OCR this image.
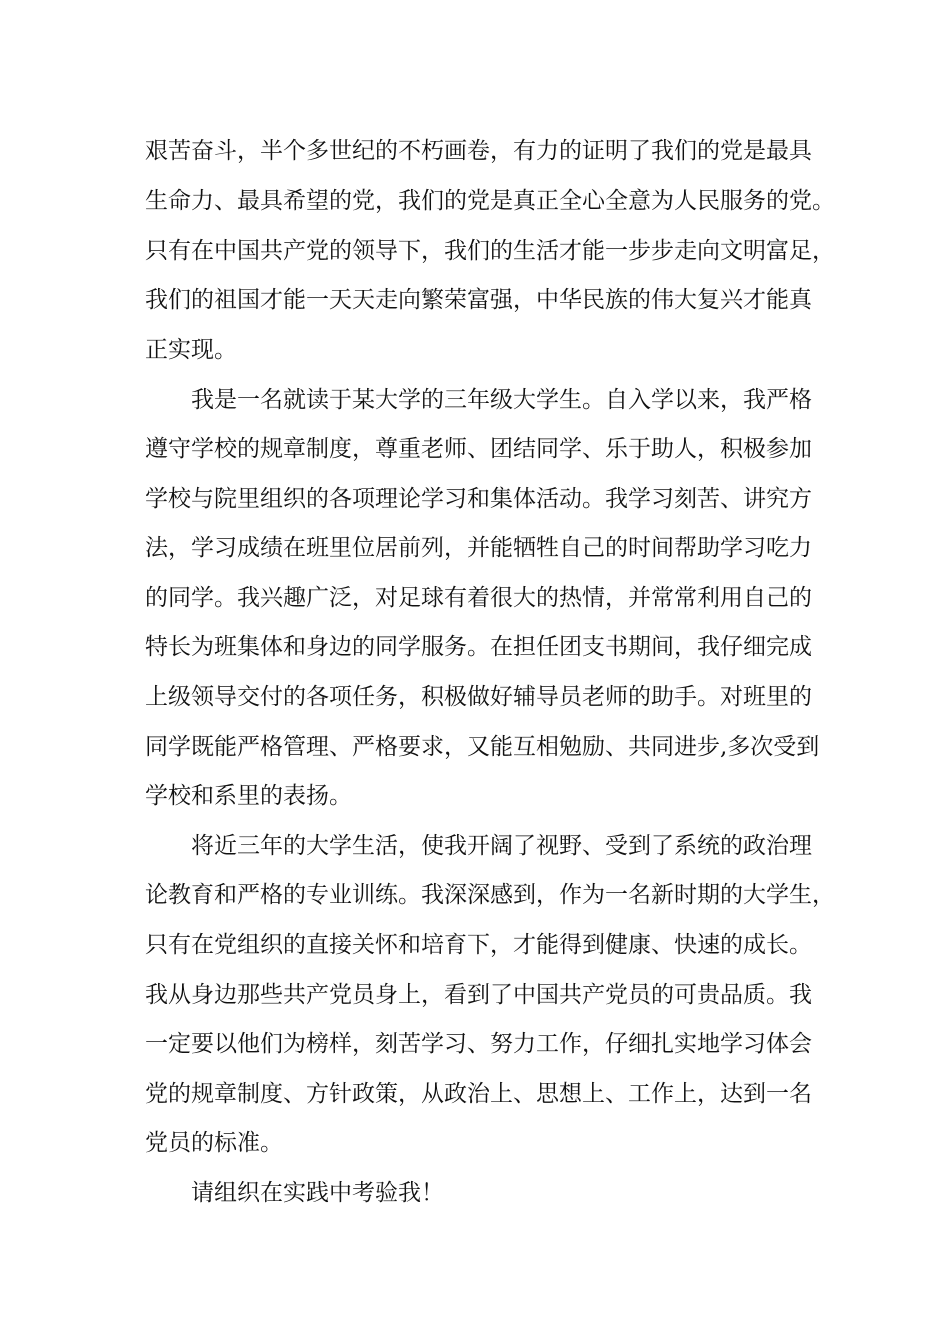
艰苦奋斗，半个多世纪的不朽画卷，有力的证明了我们的党是最具
生命力、最具希望的党，我们的党是真正全心全意为人民服务的党。
只有在中国共产党的领导下，我们的生活才能一步步走向文明富足，
我们的祖国才能一天天走向繁荣富强，中华民族的伟大复兴才能真
正实现。
我是一名就读于某大学的三年级大学生。自入学以来，我严格
遵守学校的规章制度，尊重老师、团结同学、乐于助人，积极参加
学校与院里组织的各项理论学习和集体活动。我学习刻苦、讲究方
法，学习成绩在班里位居前列，并能牺牲自己的时间帮助学习吃力
的同学。我兴趣广泛，对足球有着很大的热情，并常常利用自己的
特长为班集体和身边的同学服务。在担任团支书期间，我仔细完成
上级领导交付的各项任务，积极做好辅导员老师的助手。对班里的
同学既能严格管理、严格要求，又能互相勉励、共同进步,多次受到
学校和系里的表扬。
将近三年的大学生活，使我开阔了视野、受到了系统的政治理
论教育和严格的专业训练。我深深感到，作为一名新时期的大学生，
只有在党组织的直接关怀和培育下，才能得到健康、快速的成长。
我从身边那些共产党员身上，看到了中国共产党员的可贵品质。我
一定要以他们为榜样，刻苦学习、努力工作，仔细扎实地学习体会
党的规章制度、方针政策，从政治上、思想上、工作上，达到一名
党员的标准。
请组织在实践中考验我！
